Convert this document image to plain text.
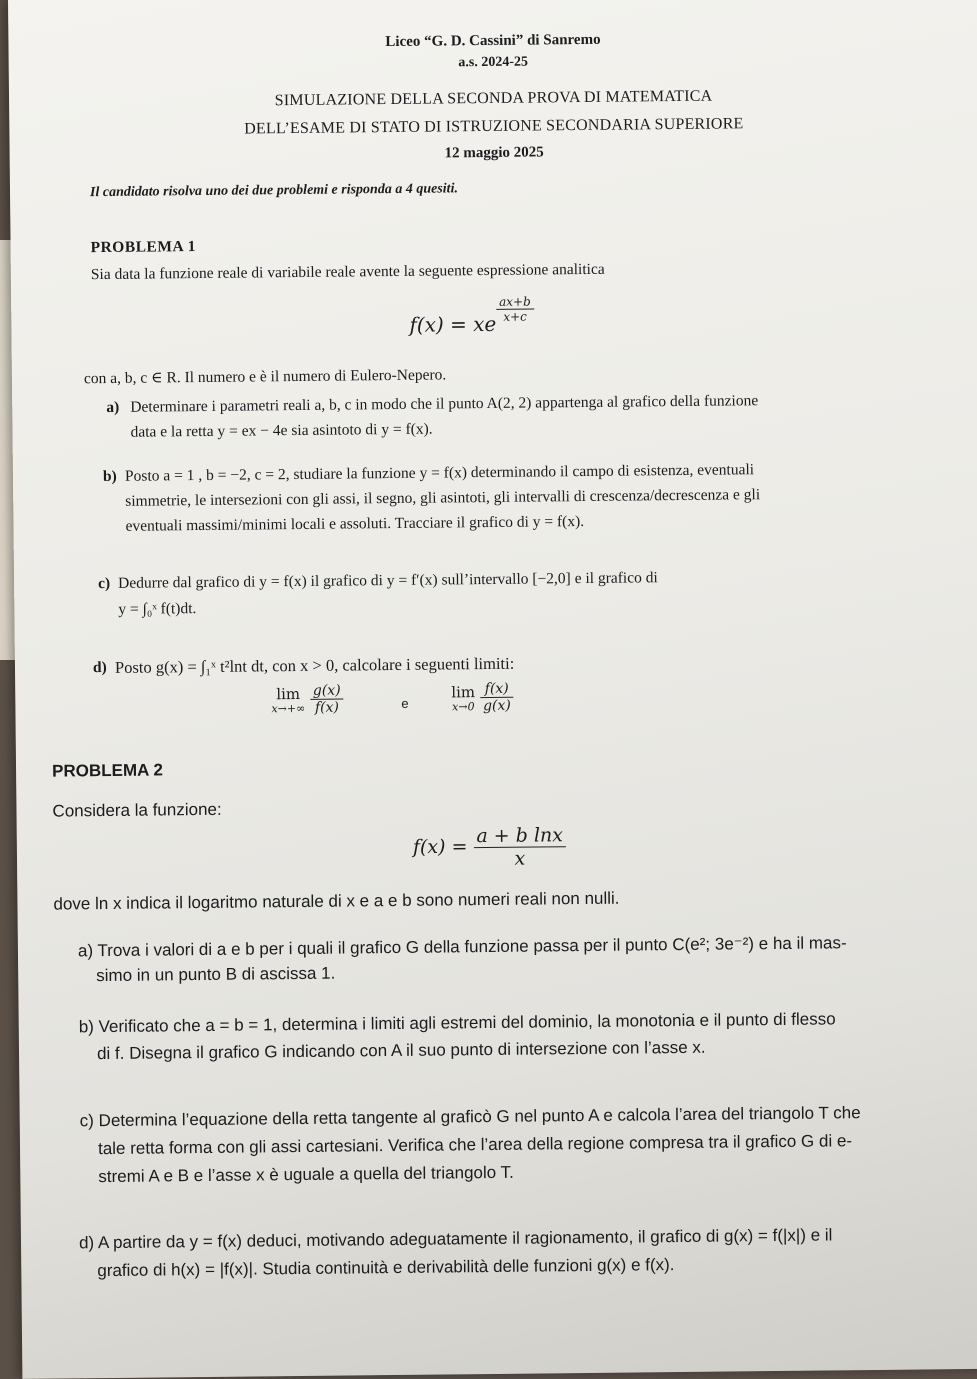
Liceo “G. D. Cassini” di Sanremo
a.s. 2024-25
SIMULAZIONE DELLA SECONDA PROVA DI MATEMATICA
DELL’ESAME DI STATO DI ISTRUZIONE SECONDARIA SUPERIORE
12 maggio 2025
Il candidato risolva uno dei due problemi e risponda a 4 quesiti.
PROBLEMA 1
Sia data la funzione reale di variabile reale avente la seguente espressione analitica
f(x) = xe
$\frac{ax+b}{x+c}$
con a, b, c ∈ R. Il numero e è il numero di Eulero-Nepero.
a) Determinare i parametri reali a, b, c in modo che il punto A(2, 2) appartenga al grafico della funzione
data e la retta y = ex − 4e sia asintoto di y = f(x).
b) Posto a = 1 , b = −2, c = 2, studiare la funzione y = f(x) determinando il campo di esistenza, eventuali
simmetrie, le intersezioni con gli assi, il segno, gli asintoti, gli intervalli di crescenza/decrescenza e gli
eventuali massimi/minimi locali e assoluti. Tracciare il grafico di y = f(x).
c) Dedurre dal grafico di y = f(x) il grafico di y = f′(x) sull’intervallo [−2,0] e il grafico di
y = ∫₀ˣ f(t)dt.
d) Posto g(x) = ∫₁ˣ t²lnt dt, con x > 0, calcolare i seguenti limiti:
lim
x→+∞
$\frac{g(x)}{f(x)}$	e
lim
x→0
$\frac{f(x)}{g(x)}$
PROBLEMA 2
Considera la funzione:
$f(x) = \frac{\text{a + b lnx}}{x}$
dove ln x indica il logaritmo naturale di x e a e b sono numeri reali non nulli.
a) Trova i valori di a e b per i quali il grafico G della funzione passa per il punto C(e²; 3e⁻²) e ha il mas-
simo in un punto B di ascissa 1.
b) Verificato che a = b = 1, determina i limiti agli estremi del dominio, la monotonia e il punto di flesso
di f. Disegna il grafico G indicando con A il suo punto di intersezione con l’asse x.
c) Determina l’equazione della retta tangente al graficò G nel punto A e calcola l’area del triangolo T che
tale retta forma con gli assi cartesiani. Verifica che l’area della regione compresa tra il grafico G di e-
stremi A e B e l’asse x è uguale a quella del triangolo T.
d) A partire da y = f(x) deduci, motivando adeguatamente il ragionamento, il grafico di g(x) = f(|x|) e il
grafico di h(x) = |f(x)|. Studia continuità e derivabilità delle funzioni g(x) e f(x).
